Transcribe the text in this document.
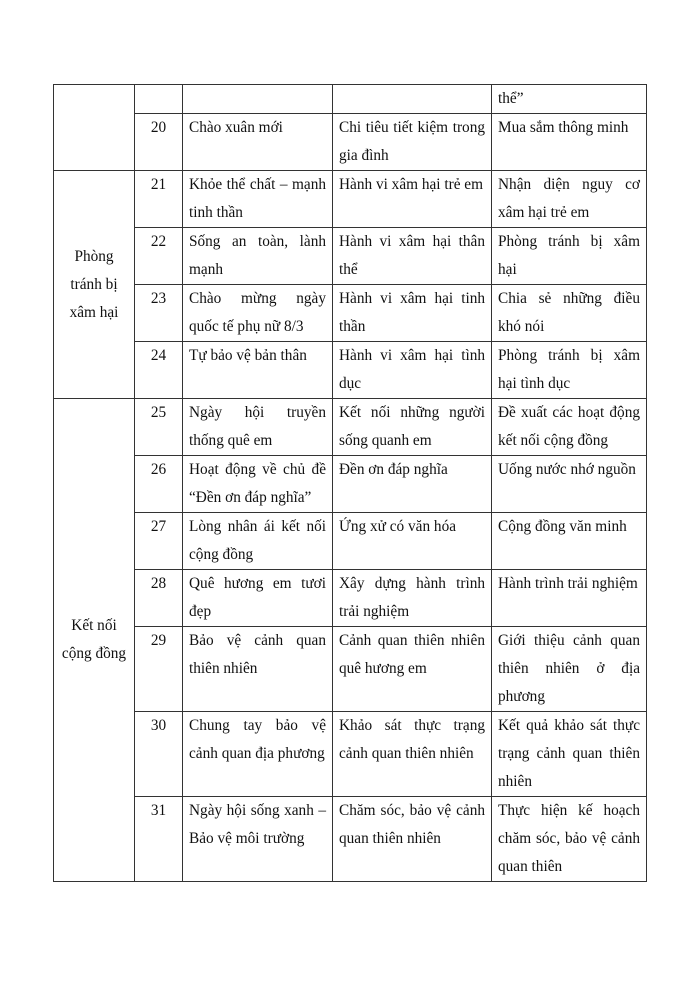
				thể”
	20	Chào xuân mới	Chi tiêu tiết kiệm trong gia đình	Mua sắm thông minh
Phòng tránh bị xâm hại	21	Khỏe thể chất – mạnh tinh thần	Hành vi xâm hại trẻ em	Nhận diện nguy cơ xâm hại trẻ em
	22	Sống an toàn, lành mạnh	Hành vi xâm hại thân thể	Phòng tránh bị xâm hại
	23	Chào mừng ngày quốc tế phụ nữ 8/3	Hành vi xâm hại tinh thần	Chia sẻ những điều khó nói
	24	Tự bảo vệ bản thân	Hành vi xâm hại tình dục	Phòng tránh bị xâm hại tình dục
Kết nối cộng đồng	25	Ngày hội truyền thống quê em	Kết nối những người sống quanh em	Đề xuất các hoạt động kết nối cộng đồng
	26	Hoạt động về chủ đề “Đền ơn đáp nghĩa”	Đền ơn đáp nghĩa	Uống nước nhớ nguồn
	27	Lòng nhân ái kết nối cộng đồng	Ứng xử có văn hóa	Cộng đồng văn minh
	28	Quê hương em tươi đẹp	Xây dựng hành trình trải nghiệm	Hành trình trải nghiệm
	29	Bảo vệ cảnh quan thiên nhiên	Cảnh quan thiên nhiên quê hương em	Giới thiệu cảnh quan thiên nhiên ở địa phương
	30	Chung tay bảo vệ cảnh quan địa phương	Khảo sát thực trạng cảnh quan thiên nhiên	Kết quả khảo sát thực trạng cảnh quan thiên nhiên
	31	Ngày hội sống xanh – Bảo vệ môi trường	Chăm sóc, bảo vệ cảnh quan thiên nhiên	Thực hiện kế hoạch chăm sóc, bảo vệ cảnh quan thiên
